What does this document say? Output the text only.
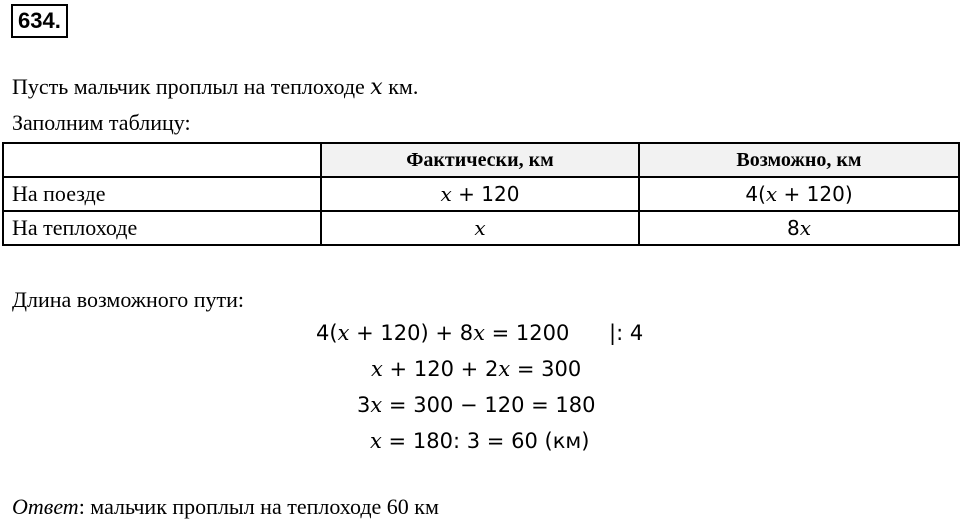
634.
Пусть мальчик проплыл на теплоходе x км.
Заполним таблицу:
	Фактически, км	Возможно, км
На поезде	x + 120	4(x + 120)
На теплоходе	x	8x
Длина возможного пути:
4(x + 120) + 8x = 1200 |: 4
x + 120 + 2x = 300
3x = 300 − 120 = 180
x = 180: 3 = 60 (км)
Ответ: мальчик проплыл на теплоходе 60 км
